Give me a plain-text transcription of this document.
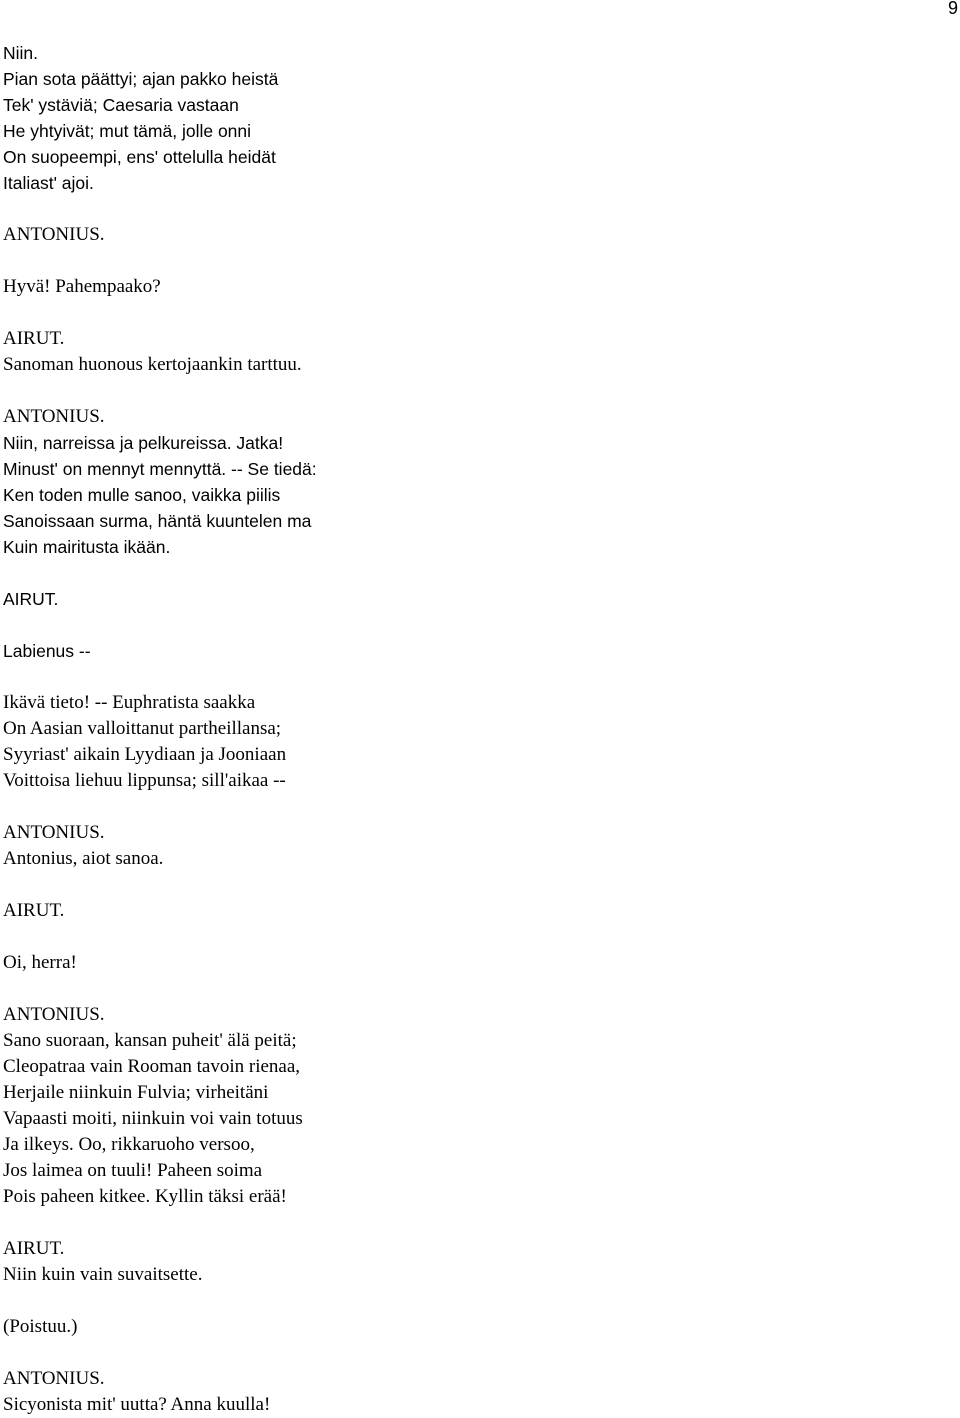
9
Niin.
Pian sota päättyi; ajan pakko heistä
Tek' ystäviä; Caesaria vastaan
He yhtyivät; mut tämä, jolle onni
On suopeempi, ens' ottelulla heidät
Italiast' ajoi.
ANTONIUS.
Hyvä! Pahempaako?
AIRUT.
Sanoman huonous kertojaankin tarttuu.
ANTONIUS.
Niin, narreissa ja pelkureissa. Jatka!
Minust' on mennyt mennyttä. -- Se tiedä:
Ken toden mulle sanoo, vaikka piilis
Sanoissaan surma, häntä kuuntelen ma
Kuin mairitusta ikään.
AIRUT.
Labienus --
Ikävä tieto! -- Euphratista saakka
On Aasian valloittanut partheillansa;
Syyriast' aikain Lyydiaan ja Jooniaan
Voittoisa liehuu lippunsa; sill'aikaa --
ANTONIUS.
Antonius, aiot sanoa.
AIRUT.
Oi, herra!
ANTONIUS.
Sano suoraan, kansan puheit' älä peitä;
Cleopatraa vain Rooman tavoin rienaa,
Herjaile niinkuin Fulvia; virheitäni
Vapaasti moiti, niinkuin voi vain totuus
Ja ilkeys. Oo, rikkaruoho versoo,
Jos laimea on tuuli! Paheen soima
Pois paheen kitkee. Kyllin täksi erää!
AIRUT.
Niin kuin vain suvaitsette.
(Poistuu.)
ANTONIUS.
Sicyonista mit' uutta? Anna kuulla!
